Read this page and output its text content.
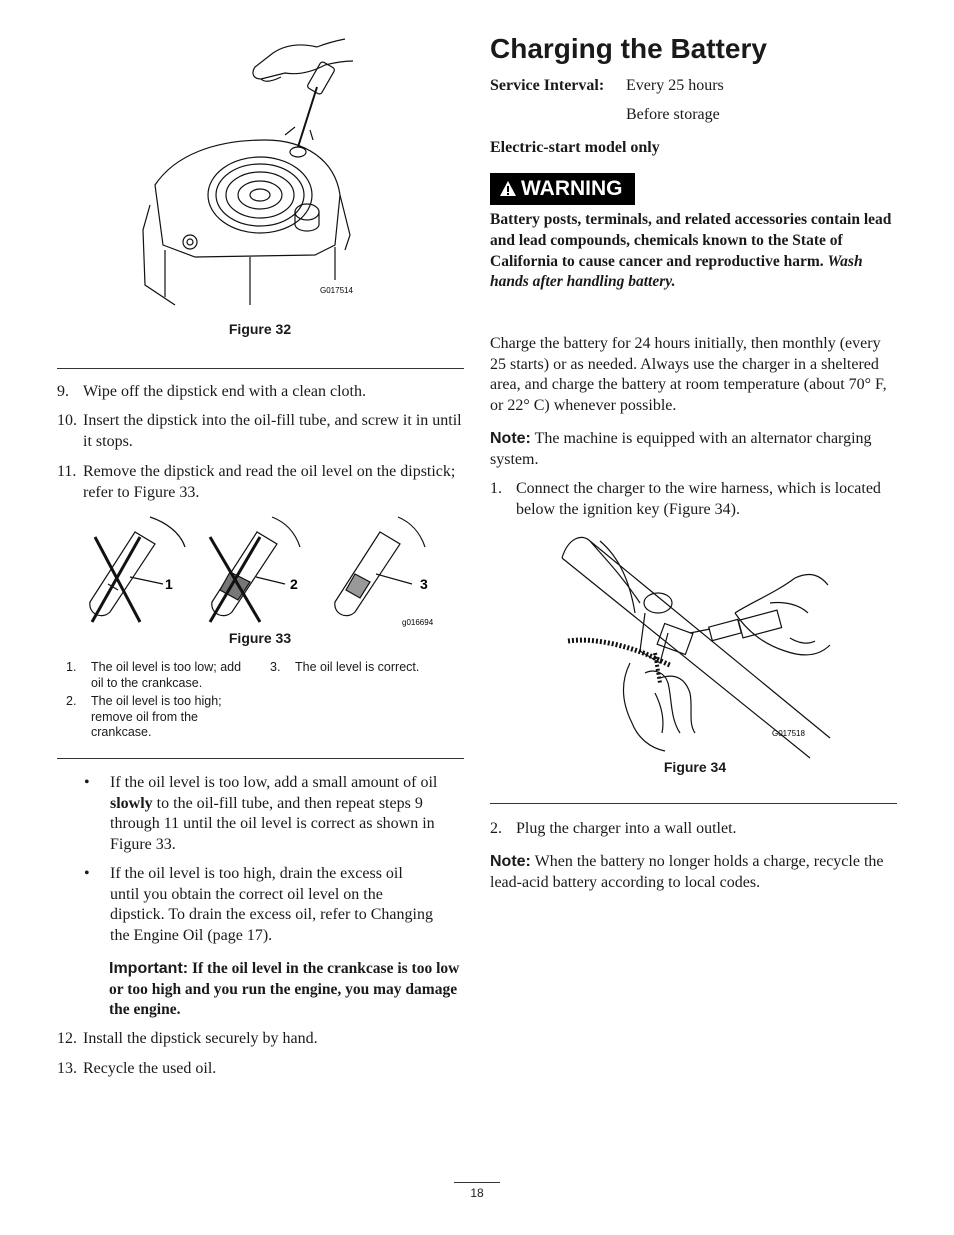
G017514
Figure 32
9. Wipe off the dipstick end with a clean cloth.
10. Insert the dipstick into the oil-fill tube, and screw it in until it stops.
11. Remove the dipstick and read the oil level on the dipstick; refer to Figure 33.
1	2	3
g016694
Figure 33
1. The oil level is too low; add oil to the crankcase.
2. The oil level is too high; remove oil from the crankcase.
3. The oil level is correct.
• If the oil level is too low, add a small amount of oil slowly to the oil-fill tube, and then repeat steps 9 through 11 until the oil level is correct as shown in Figure 33.
• If the oil level is too high, drain the excess oil until you obtain the correct oil level on the dipstick. To drain the excess oil, refer to Changing the Engine Oil (page 17).
Important: If the oil level in the crankcase is too low or too high and you run the engine, you may damage the engine.
12. Install the dipstick securely by hand.
13. Recycle the used oil.
Charging the Battery
Service Interval: Every 25 hours
Before storage
Electric-start model only
WARNING
Battery posts, terminals, and related accessories contain lead and lead compounds, chemicals known to the State of California to cause cancer and reproductive harm. Wash hands after handling battery.
Charge the battery for 24 hours initially, then monthly (every 25 starts) or as needed. Always use the charger in a sheltered area, and charge the battery at room temperature (about 70° F, or 22° C) whenever possible.
Note: The machine is equipped with an alternator charging system.
1. Connect the charger to the wire harness, which is located below the ignition key (Figure 34).
G017518
Figure 34
2. Plug the charger into a wall outlet.
Note: When the battery no longer holds a charge, recycle the lead-acid battery according to local codes.
18
